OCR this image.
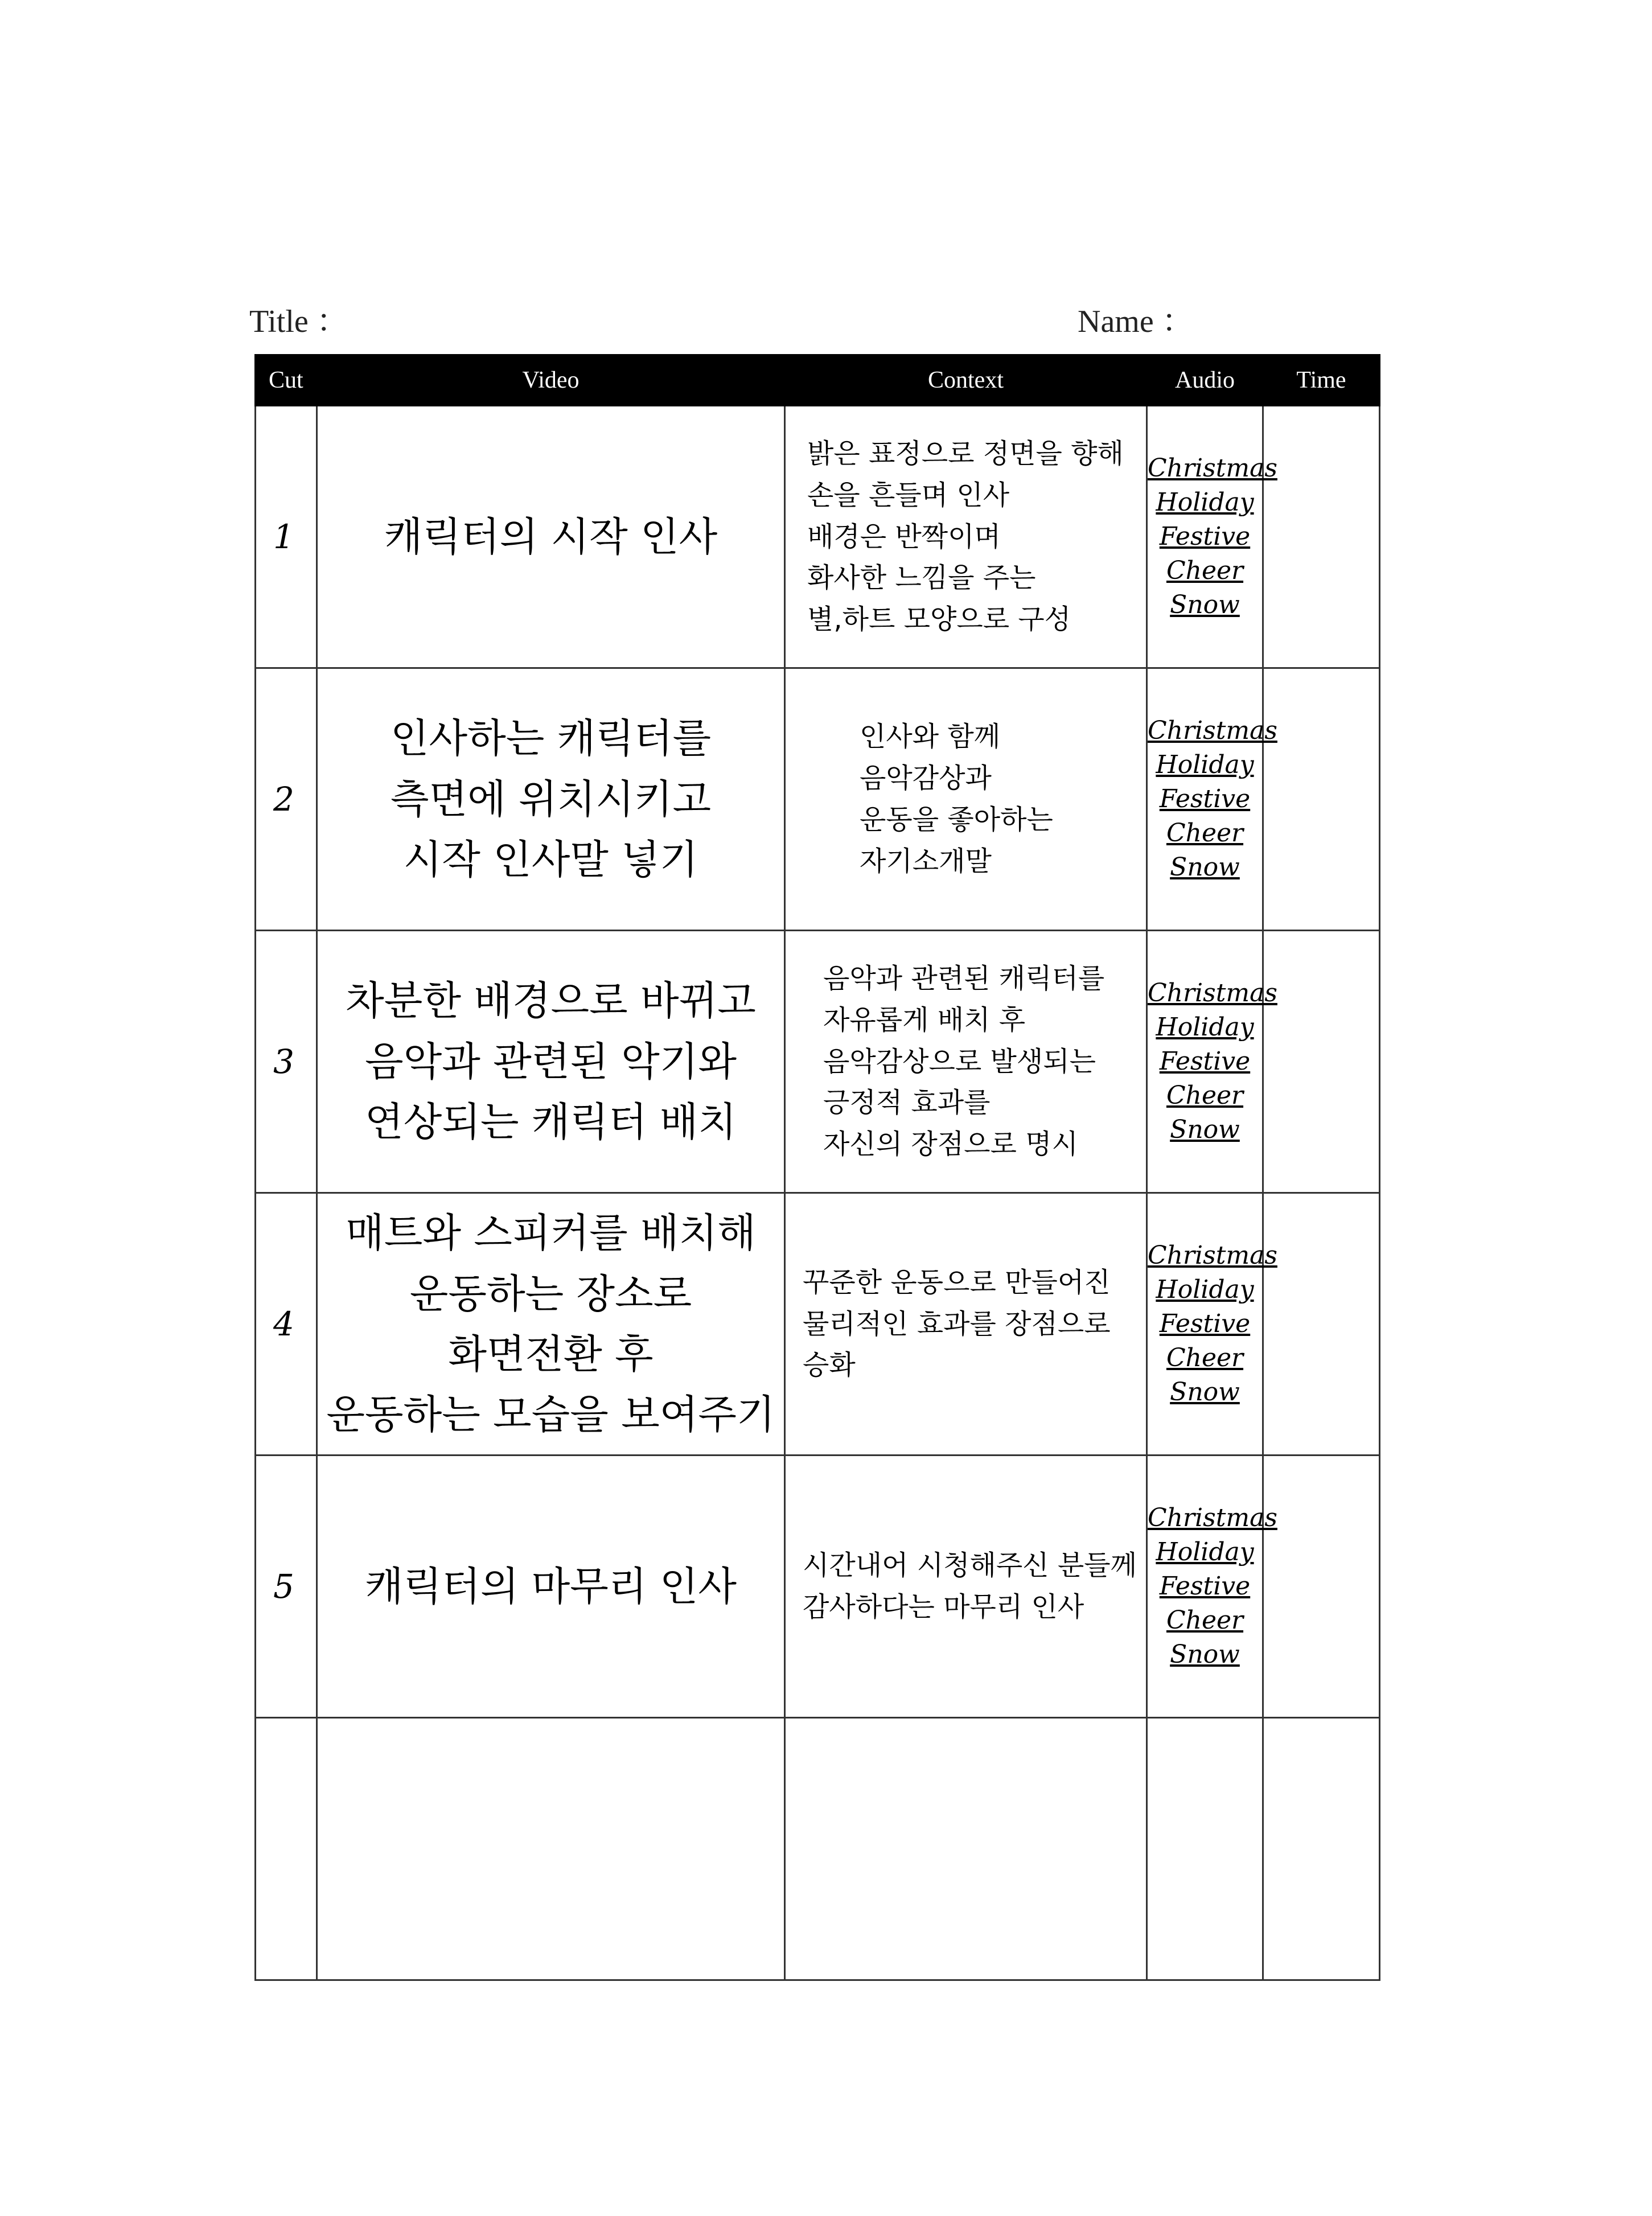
Title ：	Name ：
Cut	Video	Context	Audio	Time
1	캐릭터의 시작 인사	밝은 표정으로 정면을 향해
손을 흔들며 인사
배경은 반짝이며
화사한 느낌을 주는
별,하트 모양으로 구성	Christmas
Holiday
Festive
Cheer
Snow	

2	인사하는 캐릭터를
측면에 위치시키고
시작 인사말 넣기	인사와 함께
음악감상과
운동을 좋아하는
자기소개말	Christmas
Holiday
Festive
Cheer
Snow	

3	차분한 배경으로 바뀌고
음악과 관련된 악기와
연상되는 캐릭터 배치	음악과 관련된 캐릭터를
자유롭게 배치 후
음악감상으로 발생되는
긍정적 효과를
자신의 장점으로 명시	Christmas
Holiday
Festive
Cheer
Snow	

4	매트와 스피커를 배치해
운동하는 장소로
화면전환 후
운동하는 모습을 보여주기	꾸준한 운동으로 만들어진
물리적인 효과를 장점으로
승화	Christmas
Holiday
Festive
Cheer
Snow	

5	캐릭터의 마무리 인사	시간내어 시청해주신 분들께
감사하다는 마무리 인사	Christmas
Holiday
Festive
Cheer
Snow	
